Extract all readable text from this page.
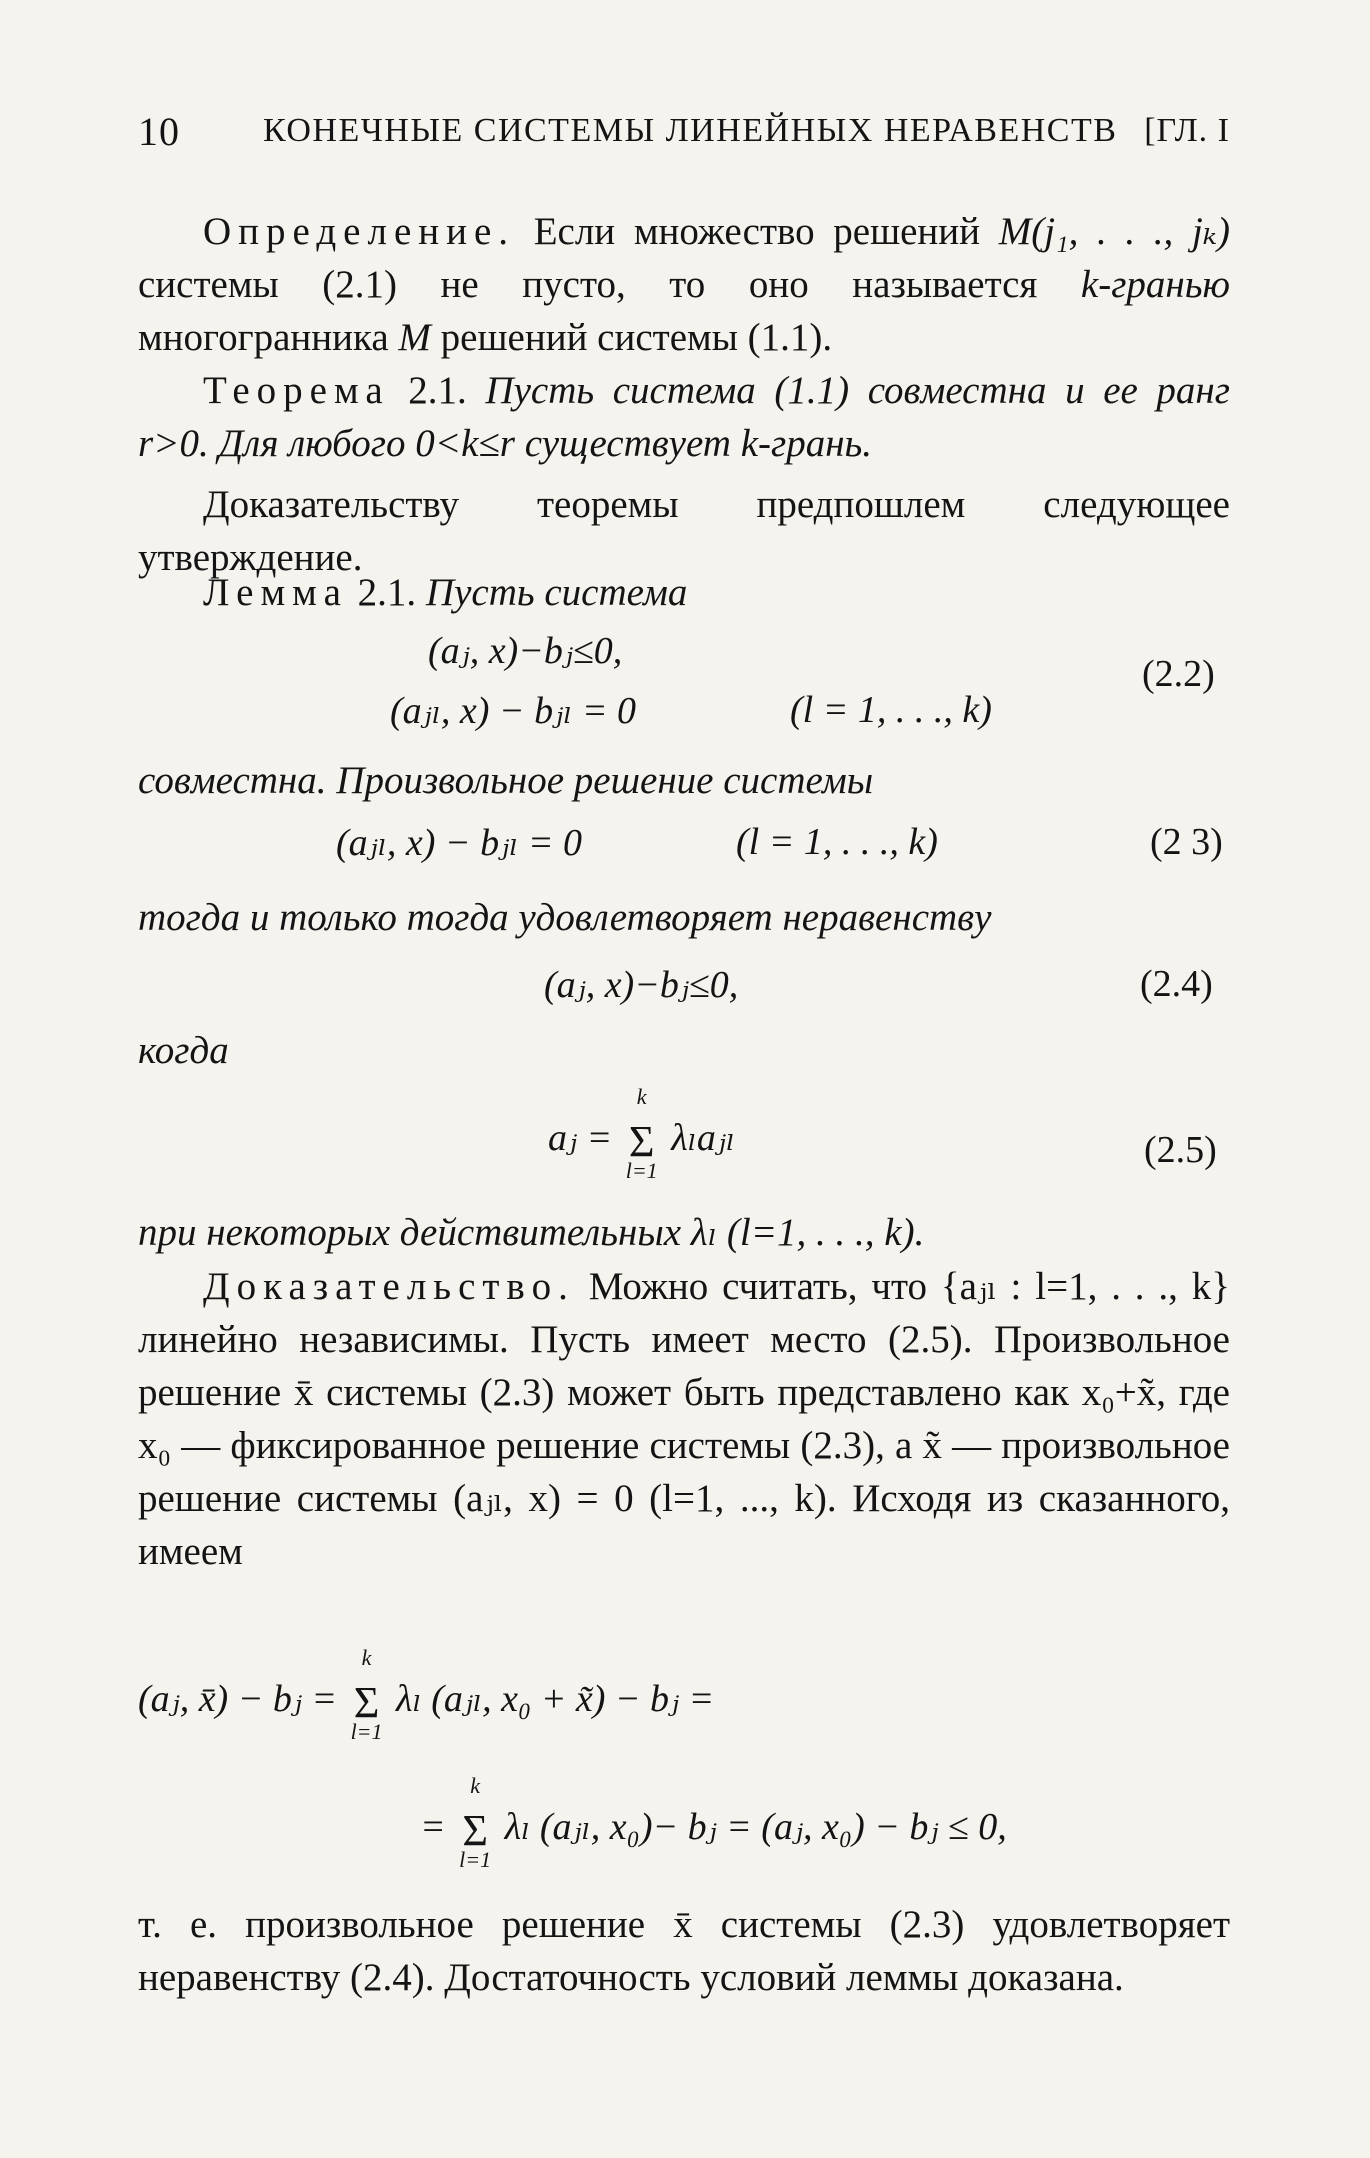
10 КОНЕЧНЫЕ СИСТЕМЫ ЛИНЕЙНЫХ НЕРАВЕНСТВ [ГЛ. I

Определение. Если множество решений M(j₁, . . ., jₖ) системы (2.1) не пусто, то оно называется k-гранью многогранника M решений системы (1.1).

Теорема 2.1. Пусть система (1.1) совместна и ее ранг r>0. Для любого 0<k≤r существует k-грань.

Доказательству теоремы предпошлем следующее утверждение.

Лемма 2.1. Пусть система

(aⱼ, x)−bⱼ≤0,
(aⱼₗ, x) − bⱼₗ = 0	(l = 1, . . ., k)
(2.2)
совместна. Произвольное решение системы
(aⱼₗ, x) − bⱼₗ = 0	(l = 1, . . ., k)	(2 3)
тогда и только тогда удовлетворяет неравенству
(aⱼ, x)−bⱼ≤0,	(2.4)
когда
aⱼ =
k
Σ
l=1
λₗaⱼₗ	(2.5)
при некоторых действительных λₗ (l=1, . . ., k).

Доказательство. Можно считать, что {aⱼₗ : l=1, . . ., k} линейно независимы. Пусть имеет место (2.5). Произвольное решение x̄ системы (2.3) может быть представлено как x₀+x̃, где x₀ — фиксированное решение системы (2.3), а x̃ — произвольное решение системы (aⱼₗ, x) = 0 (l=1, ..., k). Исходя из сказанного, имеем

(aⱼ, x̄) − bⱼ =
k
Σ
l=1
λₗ (aⱼₗ, x₀ + x̃) − bⱼ =
=
k
Σ
l=1
λₗ (aⱼₗ, x₀)− bⱼ = (aⱼ, x₀) − bⱼ ≤ 0,

т. е. произвольное решение x̄ системы (2.3) удовлетворяет неравенству (2.4). Достаточность условий леммы доказана.
